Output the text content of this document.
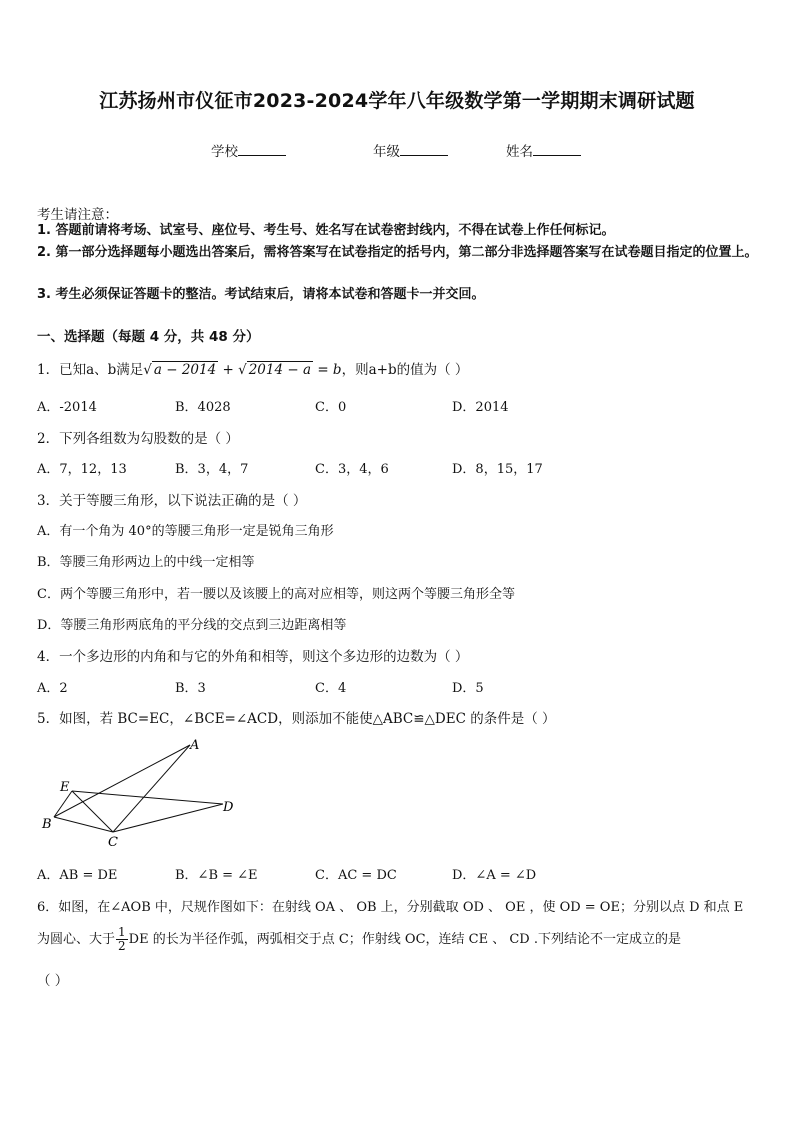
江苏扬州市仪征市2023-2024学年八年级数学第一学期期末调研试题
学校	年级	姓名
考生请注意：
1. 答题前请将考场、试室号、座位号、考生号、姓名写在试卷密封线内，不得在试卷上作任何标记。
2. 第一部分选择题每小题选出答案后，需将答案写在试卷指定的括号内，第二部分非选择题答案写在试卷题目指定的位置上。
3. 考生必须保证答题卡的整洁。考试结束后，请将本试卷和答题卡一并交回。
一、选择题（每题 4 分，共 48 分）
1．已知a、b满足√ a − 2014 + √ 2014 − a = b，则a+b的值为（ ）
A．-2014	B．4028	C．0	D．2014
2．下列各组数为勾股数的是（ ）
A．7，12，13	B．3，4，7	C．3，4，6	D．8，15，17
3．关于等腰三角形，以下说法正确的是（ ）
A．有一个角为 40°的等腰三角形一定是锐角三角形
B．等腰三角形两边上的中线一定相等
C．两个等腰三角形中，若一腰以及该腰上的高对应相等，则这两个等腰三角形全等
D．等腰三角形两底角的平分线的交点到三边距离相等
4．一个多边形的内角和与它的外角和相等，则这个多边形的边数为（ ）
A．2	B．3	C．4	D．5
5．如图，若 BC=EC，∠BCE=∠ACD，则添加不能使△ABC≌△DEC 的条件是（ ）
A
E
D
B
C
A．AB = DE	B．∠B = ∠E	C．AC = DC	D．∠A = ∠D
6．如图，在∠AOB 中，尺规作图如下：在射线 OA 、 OB 上，分别截取 OD 、 OE ，使 OD = OE；分别以点 D 和点 E
为圆心、大于 $\frac{1}{2}$ DE 的长为半径作弧，两弧相交于点 C；作射线 OC，连结 CE 、 CD .下列结论不一定成立的是
（ ）
